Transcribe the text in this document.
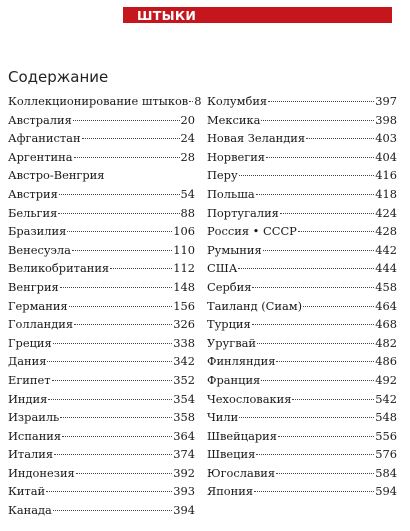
ШТЫКИ
Содержание
Коллекционирование штыков 8
Австралия	20
Афганистан	24
Аргентина	28
Австро-Венгрия
Австрия	54
Бельгия	88
Бразилия	106
Венесуэла	110
Великобритания	112
Венгрия	148
Германия	156
Голландия	326
Греция	338
Дания	342
Египет	352
Индия	354
Израиль	358
Испания	364
Италия	374
Индонезия	392
Китай	393
Канада	394
Колумбия	397
Мексика	398
Новая Зеландия	403
Норвегия	404
Перу	416
Польша	418
Португалия	424
Россия • СССР	428
Румыния	442
США	444
Сербия	458
Таиланд (Сиам)	464
Турция	468
Уругвай	482
Финляндия	486
Франция	492
Чехословакия	542
Чили	548
Швейцария	556
Швеция	576
Югославия	584
Япония	594
